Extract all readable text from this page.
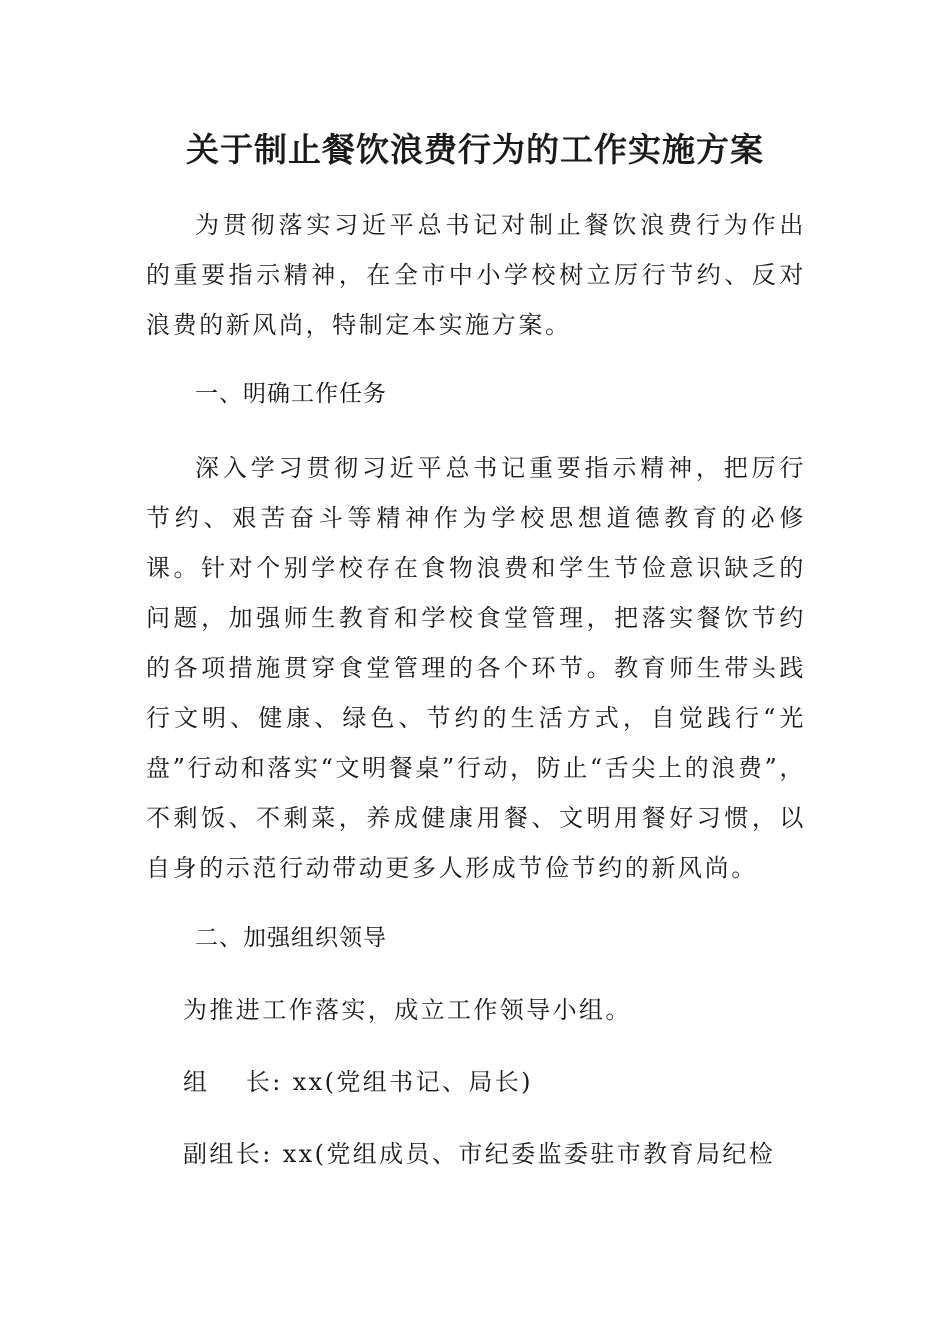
关于制止餐饮浪费行为的工作实施方案

为贯彻落实习近平总书记对制止餐饮浪费行为作出的重要指示精神，在全市中小学校树立厉行节约、反对浪费的新风尚，特制定本实施方案。

一、明确工作任务

深入学习贯彻习近平总书记重要指示精神，把厉行节约、艰苦奋斗等精神作为学校思想道德教育的必修课。针对个别学校存在食物浪费和学生节俭意识缺乏的问题，加强师生教育和学校食堂管理，把落实餐饮节约的各项措施贯穿食堂管理的各个环节。教育师生带头践行文明、健康、绿色、节约的生活方式，自觉践行“光盘”行动和落实“文明餐桌”行动，防止“舌尖上的浪费”，不剩饭、不剩菜，养成健康用餐、文明用餐好习惯，以自身的示范行动带动更多人形成节俭节约的新风尚。

二、加强组织领导

为推进工作落实，成立工作领导小组。

组　 长: xx(党组书记、局长)

副组长: xx(党组成员、市纪委监委驻市教育局纪检
